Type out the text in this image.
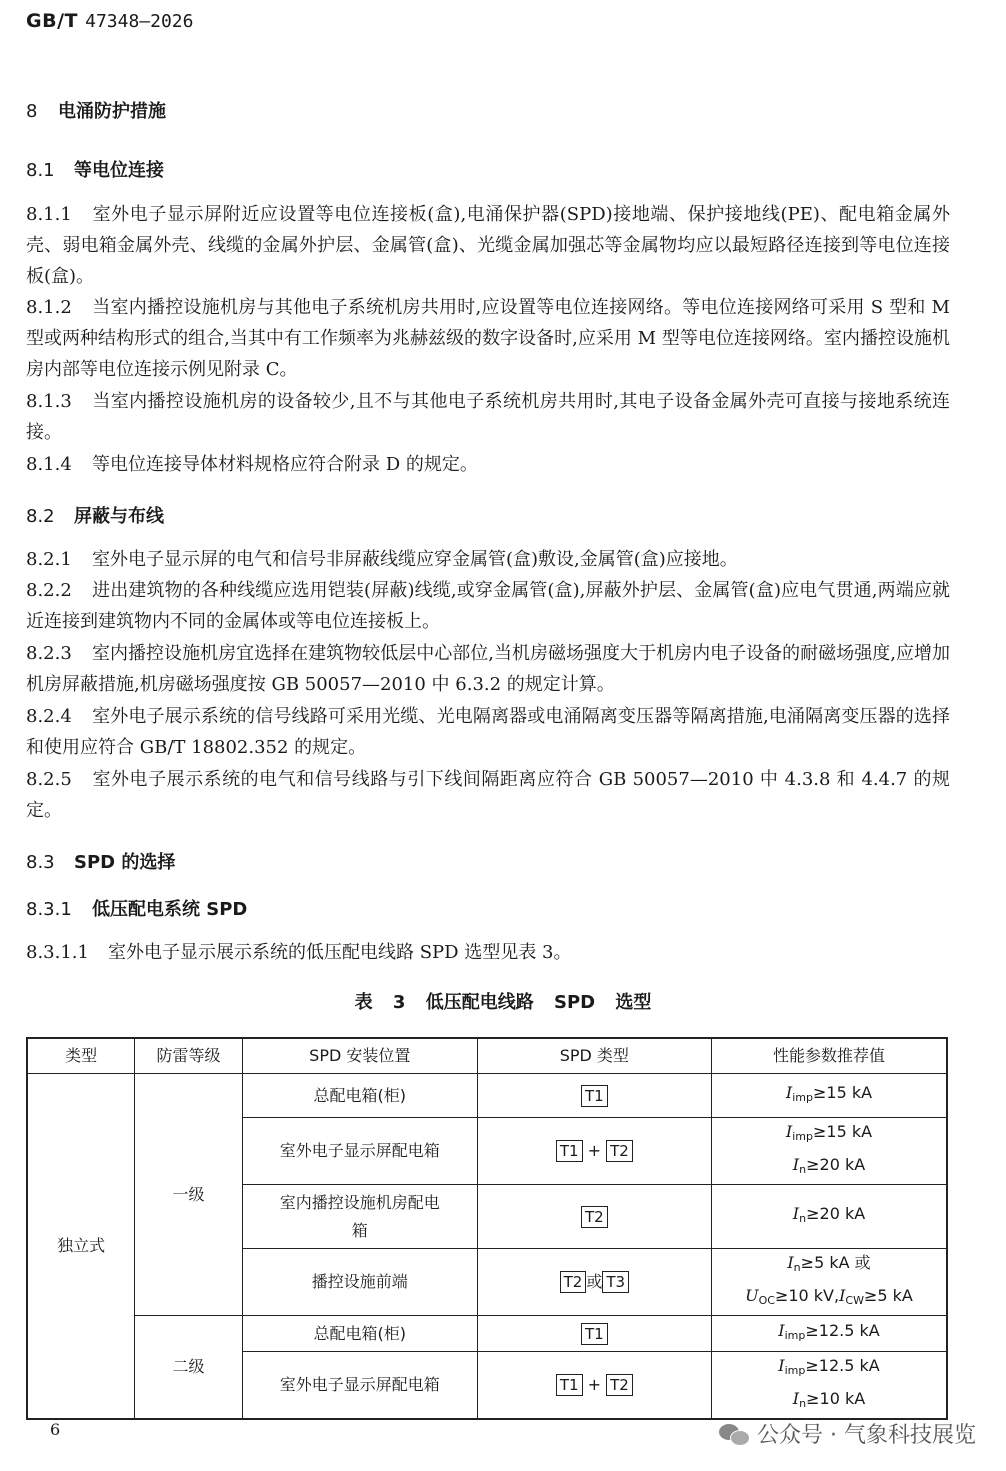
GB/T 47348—2026
8 电涌防护措施
8.1 等电位连接
8.1.1 室外电子显示屏附近应设置等电位连接板(盒),电涌保护器(SPD)接地端、保护接地线(PE)、配电箱金属外壳、弱电箱金属外壳、线缆的金属外护层、金属管(盒)、光缆金属加强芯等金属物均应以最短路径连接到等电位连接板(盒)。
8.1.2 当室内播控设施机房与其他电子系统机房共用时,应设置等电位连接网络。等电位连接网络可采用 S 型和 M 型或两种结构形式的组合,当其中有工作频率为兆赫兹级的数字设备时,应采用 M 型等电位连接网络。室内播控设施机房内部等电位连接示例见附录 C。
8.1.3 当室内播控设施机房的设备较少,且不与其他电子系统机房共用时,其电子设备金属外壳可直接与接地系统连接。
8.1.4 等电位连接导体材料规格应符合附录 D 的规定。
8.2 屏蔽与布线
8.2.1 室外电子显示屏的电气和信号非屏蔽线缆应穿金属管(盒)敷设,金属管(盒)应接地。
8.2.2 进出建筑物的各种线缆应选用铠装(屏蔽)线缆,或穿金属管(盒),屏蔽外护层、金属管(盒)应电气贯通,两端应就近连接到建筑物内不同的金属体或等电位连接板上。
8.2.3 室内播控设施机房宜选择在建筑物较低层中心部位,当机房磁场强度大于机房内电子设备的耐磁场强度,应增加机房屏蔽措施,机房磁场强度按 GB 50057—2010 中 6.3.2 的规定计算。
8.2.4 室外电子展示系统的信号线路可采用光缆、光电隔离器或电涌隔离变压器等隔离措施,电涌隔离变压器的选择和使用应符合 GB/T 18802.352 的规定。
8.2.5 室外电子展示系统的电气和信号线路与引下线间隔距离应符合 GB 50057—2010 中 4.3.8 和 4.4.7 的规定。
8.3 SPD 的选择
8.3.1 低压配电系统 SPD
8.3.1.1 室外电子显示展示系统的低压配电线路 SPD 选型见表 3。
表 3 低压配电线路 SPD 选型
类型	防雷等级	SPD 安装位置	SPD 类型	性能参数推荐值
独立式	一级	总配电箱(柜)	T1	$I_{imp}\ge 15$ kA
		室外电子显示屏配电箱	T1 + T2	$I_{imp}\ge 15$ kA
$I_n\ge 20$ kA

		室内播控设施机房配电箱	T2	$I_n\ge 20$ kA
		播控设施前端	T2 或 T3	$I_n\ge 5$ kA 或
$U_{OC}\ge 10$ $kV,I_{CW}\ge 5$ kA

	二级	总配电箱(柜)	T1	$I_{imp}\ge 12.5$ kA
		室外电子显示屏配电箱	T1 + T2	$I_{imp}\ge 12.5$ kA
$I_n\ge 10$ kA
6	公众号 · 气象科技展览
